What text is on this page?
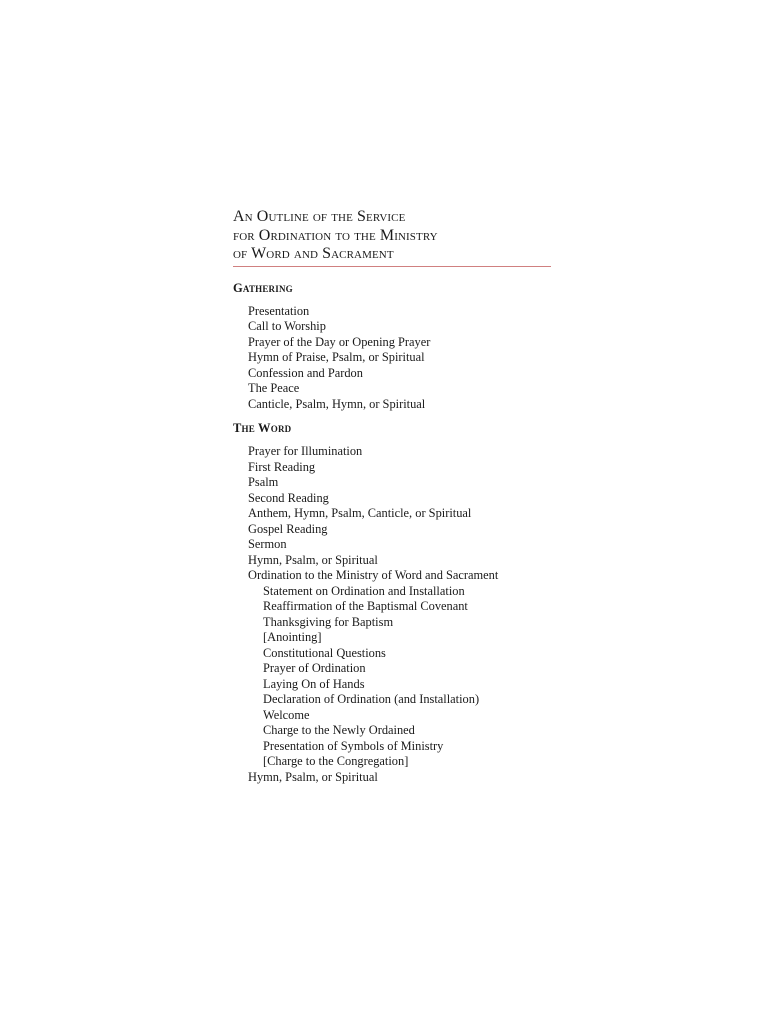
An Outline of the Service
for Ordination to the Ministry
of Word and Sacrament
Gathering
Presentation
Call to Worship
Prayer of the Day or Opening Prayer
Hymn of Praise, Psalm, or Spiritual
Confession and Pardon
The Peace
Canticle, Psalm, Hymn, or Spiritual
The Word
Prayer for Illumination
First Reading
Psalm
Second Reading
Anthem, Hymn, Psalm, Canticle, or Spiritual
Gospel Reading
Sermon
Hymn, Psalm, or Spiritual
Ordination to the Ministry of Word and Sacrament
Statement on Ordination and Installation
Reaffirmation of the Baptismal Covenant
Thanksgiving for Baptism
[Anointing]
Constitutional Questions
Prayer of Ordination
Laying On of Hands
Declaration of Ordination (and Installation)
Welcome
Charge to the Newly Ordained
Presentation of Symbols of Ministry
[Charge to the Congregation]
Hymn, Psalm, or Spiritual
